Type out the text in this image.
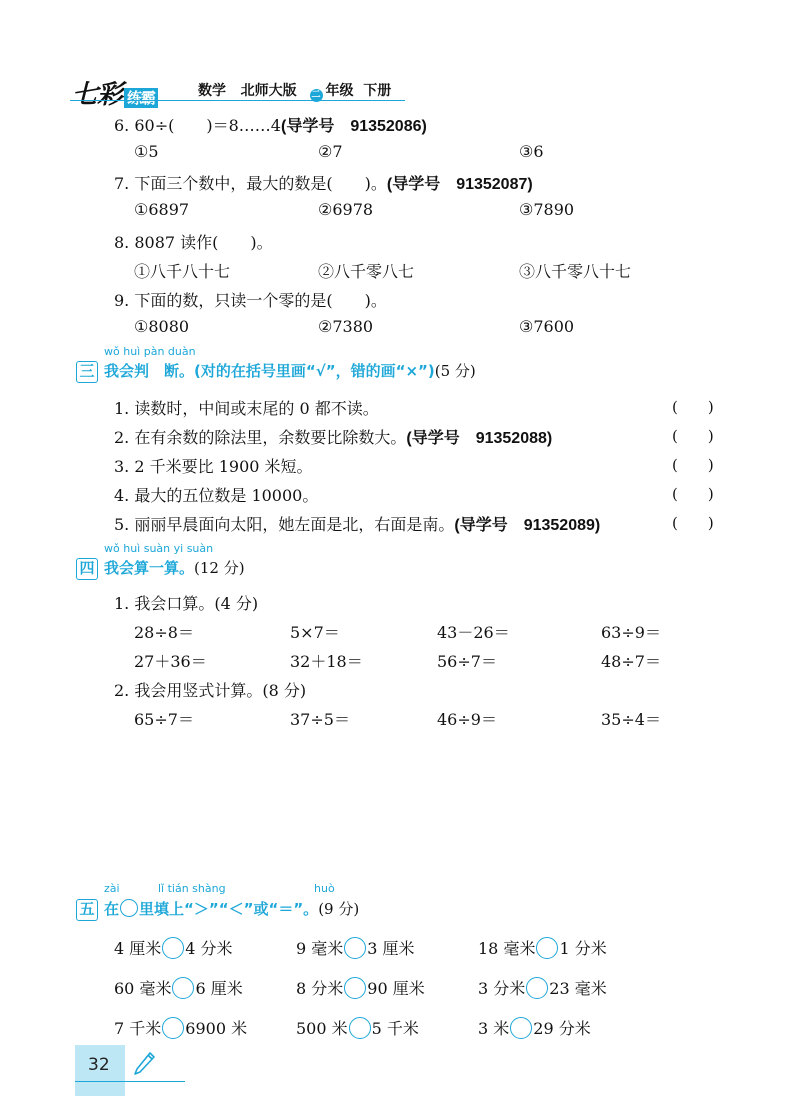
七彩 练霸	数学 北师大版 二 年级 下册
6. 60÷(　　)＝8……4(导学号　91352086)
①5	②7	③6
7. 下面三个数中，最大的数是(　　)。(导学号　91352087)
①6897	②6978	③7890
8. 8087 读作(　　)。
①八千八十七	②八千零八七	③八千零八十七
9. 下面的数，只读一个零的是(　　)。
①8080	②7380	③7600
wǒ huì pàn duàn
三 我会判　断。(对的在括号里画“√”，错的画“×”)(5 分)
1. 读数时，中间或末尾的 0 都不读。	(　　)
2. 在有余数的除法里，余数要比除数大。(导学号　91352088)	(　　)
3. 2 千米要比 1900 米短。	(　　)
4. 最大的五位数是 10000。	(　　)
5. 丽丽早晨面向太阳，她左面是北，右面是南。(导学号　91352089)	(　　)
wǒ huì suàn yi suàn
四 我会算一算。(12 分)
1. 我会口算。(4 分)
28÷8＝	5×7＝	43－26＝	63÷9＝
27＋36＝	32＋18＝	56÷7＝	48÷7＝
2. 我会用竖式计算。(8 分)
65÷7＝	37÷5＝	46÷9＝	35÷4＝
zài	lǐ tián shàng	huò
五 在 里填上“＞”“＜”或“＝”。(9 分)
4 厘米 4 分米	9 毫米 3 厘米	18 毫米 1 分米
60 毫米 6 厘米	8 分米 90 厘米	3 分米 23 毫米
7 千米 6900 米	500 米 5 千米	3 米 29 分米
32
